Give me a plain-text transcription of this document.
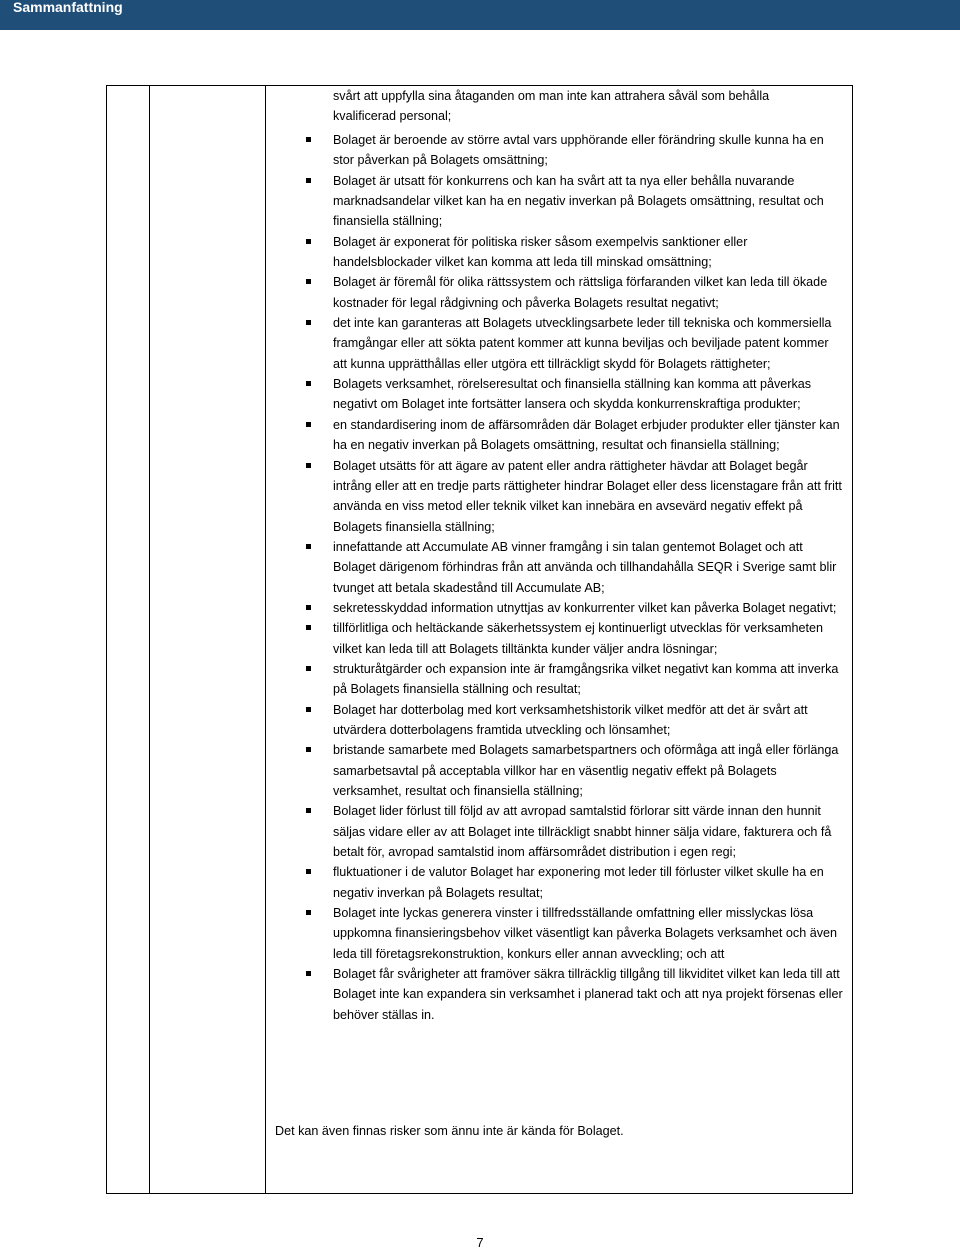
Sammanfattning
svårt att uppfylla sina åtaganden om man inte kan attrahera såväl som behålla
kvalificerad personal;
Bolaget är beroende av större avtal vars upphörande eller förändring skulle kunna ha en stor påverkan på Bolagets omsättning;
Bolaget är utsatt för konkurrens och kan ha svårt att ta nya eller behålla nuvarande marknadsandelar vilket kan ha en negativ inverkan på Bolagets omsättning, resultat och finansiella ställning;
Bolaget är exponerat för politiska risker såsom exempelvis sanktioner eller handelsblockader vilket kan komma att leda till minskad omsättning;
Bolaget är föremål för olika rättssystem och rättsliga förfaranden vilket kan leda till ökade kostnader för legal rådgivning och påverka Bolagets resultat negativt;
det inte kan garanteras att Bolagets utvecklingsarbete leder till tekniska och kommersiella framgångar eller att sökta patent kommer att kunna beviljas och beviljade patent kommer att kunna upprätthållas eller utgöra ett tillräckligt skydd för Bolagets rättigheter;
Bolagets verksamhet, rörelseresultat och finansiella ställning kan komma att påverkas negativt om Bolaget inte fortsätter lansera och skydda konkurrenskraftiga produkter;
en standardisering inom de affärsområden där Bolaget erbjuder produkter eller tjänster kan ha en negativ inverkan på Bolagets omsättning, resultat och finansiella ställning;
Bolaget utsätts för att ägare av patent eller andra rättigheter hävdar att Bolaget begår intrång eller att en tredje parts rättigheter hindrar Bolaget eller dess licenstagare från att fritt använda en viss metod eller teknik vilket kan innebära en avsevärd negativ effekt på Bolagets finansiella ställning;
innefattande att Accumulate AB vinner framgång i sin talan gentemot Bolaget och att Bolaget därigenom förhindras från att använda och tillhandahålla SEQR i Sverige samt blir tvunget att betala skadestånd till Accumulate AB;
sekretesskyddad information utnyttjas av konkurrenter vilket kan påverka Bolaget negativt;
tillförlitliga och heltäckande säkerhetssystem ej kontinuerligt utvecklas för verksamheten vilket kan leda till att Bolagets tilltänkta kunder väljer andra lösningar;
strukturåtgärder och expansion inte är framgångsrika vilket negativt kan komma att inverka på Bolagets finansiella ställning och resultat;
Bolaget har dotterbolag med kort verksamhetshistorik vilket medför att det är svårt att utvärdera dotterbolagens framtida utveckling och lönsamhet;
bristande samarbete med Bolagets samarbetspartners och oförmåga att ingå eller förlänga samarbetsavtal på acceptabla villkor har en väsentlig negativ effekt på Bolagets verksamhet, resultat och finansiella ställning;
Bolaget lider förlust till följd av att avropad samtalstid förlorar sitt värde innan den hunnit säljas vidare eller av att Bolaget inte tillräckligt snabbt hinner sälja vidare, fakturera och få betalt för, avropad samtalstid inom affärsområdet distribution i egen regi;
fluktuationer i de valutor Bolaget har exponering mot leder till förluster vilket skulle ha en negativ inverkan på Bolagets resultat;
Bolaget inte lyckas generera vinster i tillfredsställande omfattning eller misslyckas lösa uppkomna finansieringsbehov vilket väsentligt kan påverka Bolagets verksamhet och även leda till företagsrekonstruktion, konkurs eller annan avveckling; och att
Bolaget får svårigheter att framöver säkra tillräcklig tillgång till likviditet vilket kan leda till att Bolaget inte kan expandera sin verksamhet i planerad takt och att nya projekt försenas eller behöver ställas in.
Det kan även finnas risker som ännu inte är kända för Bolaget.
7
